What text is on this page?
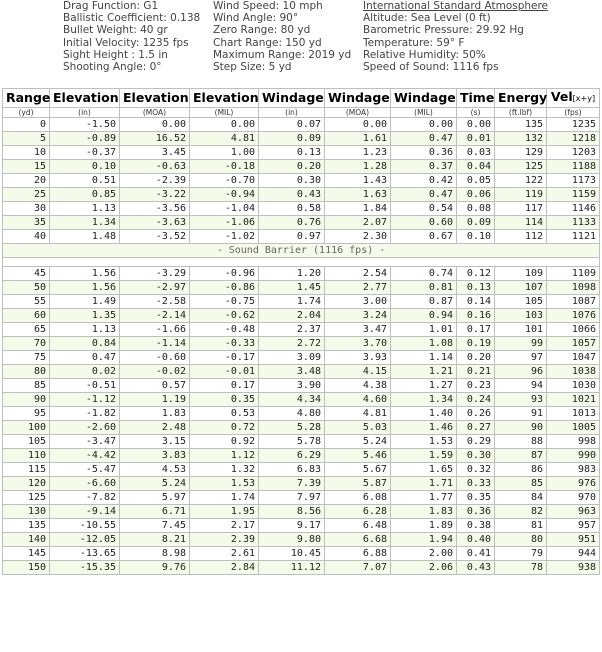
Drag Function: G1
Ballistic Coefficient: 0.138
Bullet Weight: 40 gr
Initial Velocity: 1235 fps
Sight Height : 1.5 in
Shooting Angle: 0°
Wind Speed: 10 mph
Wind Angle: 90°
Zero Range: 80 yd
Chart Range: 150 yd
Maximum Range: 2019 yd
Step Size: 5 yd
International Standard Atmosphere
Altitude: Sea Level (0 ft)
Barometric Pressure: 29.92 Hg
Temperature: 59° F
Relative Humidity: 50%
Speed of Sound: 1116 fps
Range	Elevation	Elevation	Elevation	Windage	Windage	Windage	Time	Energy	Vel[x+y]
(yd)	(in)	(MOA)	(MIL)	(in)	(MOA)	(MIL)	(s)	(ft.lbf)	(fps)
0	-1.50	0.00	0.00	0.07	0.00	0.00	0.00	135	1235
5	-0.89	16.52	4.81	0.09	1.61	0.47	0.01	132	1218
10	-0.37	3.45	1.00	0.13	1.23	0.36	0.03	129	1203
15	0.10	-0.63	-0.18	0.20	1.28	0.37	0.04	125	1188
20	0.51	-2.39	-0.70	0.30	1.43	0.42	0.05	122	1173
25	0.85	-3.22	-0.94	0.43	1.63	0.47	0.06	119	1159
30	1.13	-3.56	-1.04	0.58	1.84	0.54	0.08	117	1146
35	1.34	-3.63	-1.06	0.76	2.07	0.60	0.09	114	1133
40	1.48	-3.52	-1.02	0.97	2.30	0.67	0.10	112	1121
- Sound Barrier (1116 fps) -									

45	1.56	-3.29	-0.96	1.20	2.54	0.74	0.12	109	1109
50	1.56	-2.97	-0.86	1.45	2.77	0.81	0.13	107	1098
55	1.49	-2.58	-0.75	1.74	3.00	0.87	0.14	105	1087
60	1.35	-2.14	-0.62	2.04	3.24	0.94	0.16	103	1076
65	1.13	-1.66	-0.48	2.37	3.47	1.01	0.17	101	1066
70	0.84	-1.14	-0.33	2.72	3.70	1.08	0.19	99	1057
75	0.47	-0.60	-0.17	3.09	3.93	1.14	0.20	97	1047
80	0.02	-0.02	-0.01	3.48	4.15	1.21	0.21	96	1038
85	-0.51	0.57	0.17	3.90	4.38	1.27	0.23	94	1030
90	-1.12	1.19	0.35	4.34	4.60	1.34	0.24	93	1021
95	-1.82	1.83	0.53	4.80	4.81	1.40	0.26	91	1013
100	-2.60	2.48	0.72	5.28	5.03	1.46	0.27	90	1005
105	-3.47	3.15	0.92	5.78	5.24	1.53	0.29	88	998
110	-4.42	3.83	1.12	6.29	5.46	1.59	0.30	87	990
115	-5.47	4.53	1.32	6.83	5.67	1.65	0.32	86	983
120	-6.60	5.24	1.53	7.39	5.87	1.71	0.33	85	976
125	-7.82	5.97	1.74	7.97	6.08	1.77	0.35	84	970
130	-9.14	6.71	1.95	8.56	6.28	1.83	0.36	82	963
135	-10.55	7.45	2.17	9.17	6.48	1.89	0.38	81	957
140	-12.05	8.21	2.39	9.80	6.68	1.94	0.40	80	951
145	-13.65	8.98	2.61	10.45	6.88	2.00	0.41	79	944
150	-15.35	9.76	2.84	11.12	7.07	2.06	0.43	78	938
